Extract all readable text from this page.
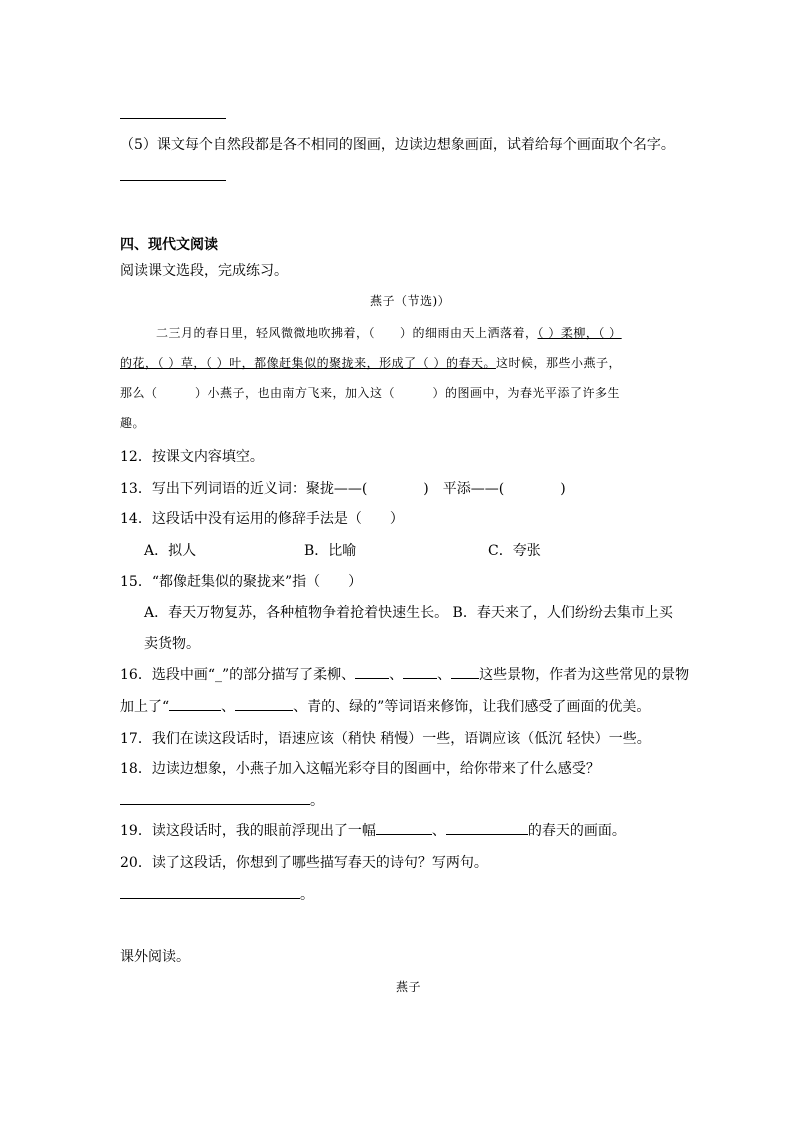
（5）课文每个自然段都是各不相同的图画，边读边想象画面，试着给每个画面取个名字。
四、现代文阅读
阅读课文选段，完成练习。
燕子（节选)）
二三月的春日里，轻风微微地吹拂着，（　　）的细雨由天上洒落着，（ ）柔柳，（ ）
的花，（ ）草，（ ）叶，都像赶集似的聚拢来，形成了（ ）的春天。这时候，那些小燕子，
那么（　　　）小燕子，也由南方飞来，加入这（　　　）的图画中，为春光平添了许多生
趣。
12．按课文内容填空。
13．写出下列词语的近义词：聚拢——(	)　平添——(	)
14．这段话中没有运用的修辞手法是（　　）
A．拟人	B．比喻	C．夸张
15．“都像赶集似的聚拢来”指（　　）
A．春天万物复苏，各种植物争着抢着快速生长。 B．春天来了，人们纷纷去集市上买
卖货物。
16．选段中画“_”的部分描写了柔柳、 、 、 这些景物，作者为这些常见的景物
加上了“	、	、青的、绿的”等词语来修饰，让我们感受了画面的优美。
17．我们在读这段话时，语速应该（稍快 稍慢）一些，语调应该（低沉 轻快）一些。
18．边读边想象，小燕子加入这幅光彩夺目的图画中，给你带来了什么感受？
。
19．读这段话时，我的眼前浮现出了一幅	、	的春天的画面。
20．读了这段话，你想到了哪些描写春天的诗句？写两句。
。
课外阅读。
燕子
